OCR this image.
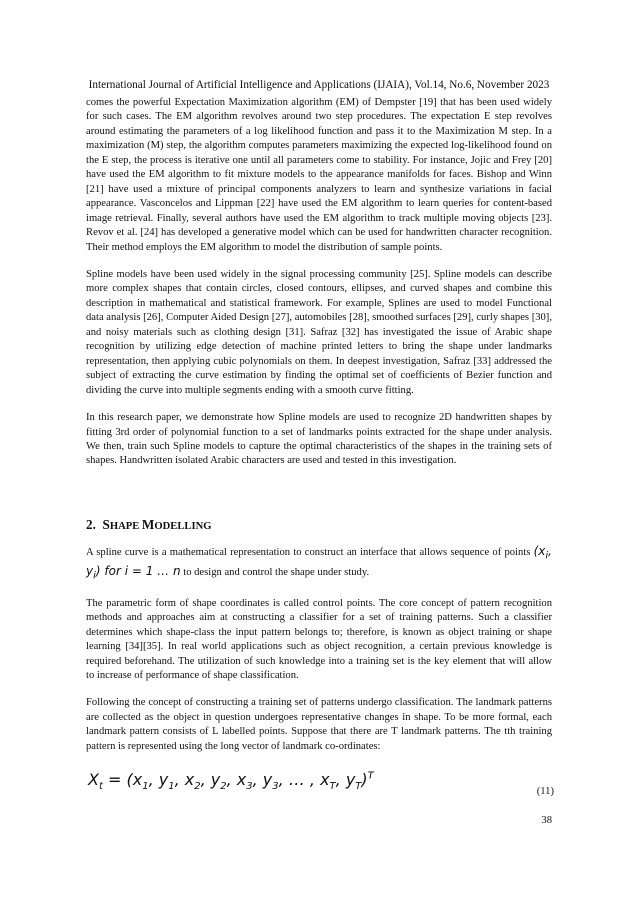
International Journal of Artificial Intelligence and Applications (IJAIA), Vol.14, No.6, November 2023

comes the powerful Expectation Maximization algorithm (EM) of Dempster [19] that has been used widely for such cases. The EM algorithm revolves around two step procedures. The expectation E step revolves around estimating the parameters of a log likelihood function and pass it to the Maximization M step. In a maximization (M) step, the algorithm computes parameters maximizing the expected log-likelihood found on the E step, the process is iterative one until all parameters come to stability. For instance, Jojic and Frey [20] have used the EM algorithm to fit mixture models to the appearance manifolds for faces. Bishop and Winn [21] have used a mixture of principal components analyzers to learn and synthesize variations in facial appearance. Vasconcelos and Lippman [22] have used the EM algorithm to learn queries for content-based image retrieval. Finally, several authors have used the EM algorithm to track multiple moving objects [23]. Revov et al. [24] has developed a generative model which can be used for handwritten character recognition. Their method employs the EM algorithm to model the distribution of sample points.

Spline models have been used widely in the signal processing community [25]. Spline models can describe more complex shapes that contain circles, closed contours, ellipses, and curved shapes and combine this description in mathematical and statistical framework. For example, Splines are used to model Functional data analysis [26], Computer Aided Design [27], automobiles [28], smoothed surfaces [29], curly shapes [30], and noisy materials such as clothing design [31]. Safraz [32] has investigated the issue of Arabic shape recognition by utilizing edge detection of machine printed letters to bring the shape under landmarks representation, then applying cubic polynomials on them. In deepest investigation, Safraz [33] addressed the subject of extracting the curve estimation by finding the optimal set of coefficients of Bezier function and dividing the curve into multiple segments ending with a smooth curve fitting.

In this research paper, we demonstrate how Spline models are used to recognize 2D handwritten shapes by fitting 3rd order of polynomial function to a set of landmarks points extracted for the shape under analysis. We then, train such Spline models to capture the optimal characteristics of the shapes in the training sets of shapes. Handwritten isolated Arabic characters are used and tested in this investigation.

2. SHAPE MODELLING

A spline curve is a mathematical representation to construct an interface that allows sequence of points ($x_i$, $y_i$) for i = 1 … n to design and control the shape under study.

The parametric form of shape coordinates is called control points. The core concept of pattern recognition methods and approaches aim at constructing a classifier for a set of training patterns. Such a classifier determines which shape-class the input pattern belongs to; therefore, is known as object training or shape learning [34][35]. In real world applications such as object recognition, a certain previous knowledge is required beforehand. The utilization of such knowledge into a training set is the key element that will allow to increase of performance of shape classification.

Following the concept of constructing a training set of patterns undergo classification. The landmark patterns are collected as the object in question undergoes representative changes in shape. To be more formal, each landmark pattern consists of L labelled points. Suppose that there are T landmark patterns. The tth training pattern is represented using the long vector of landmark co-ordinates:

$X_t = (x_1$, $y_1$, $x_2$, $y_2$, $x_3$, $y_3$, … , $x_T$, $y_T)^T$
(11)
38
